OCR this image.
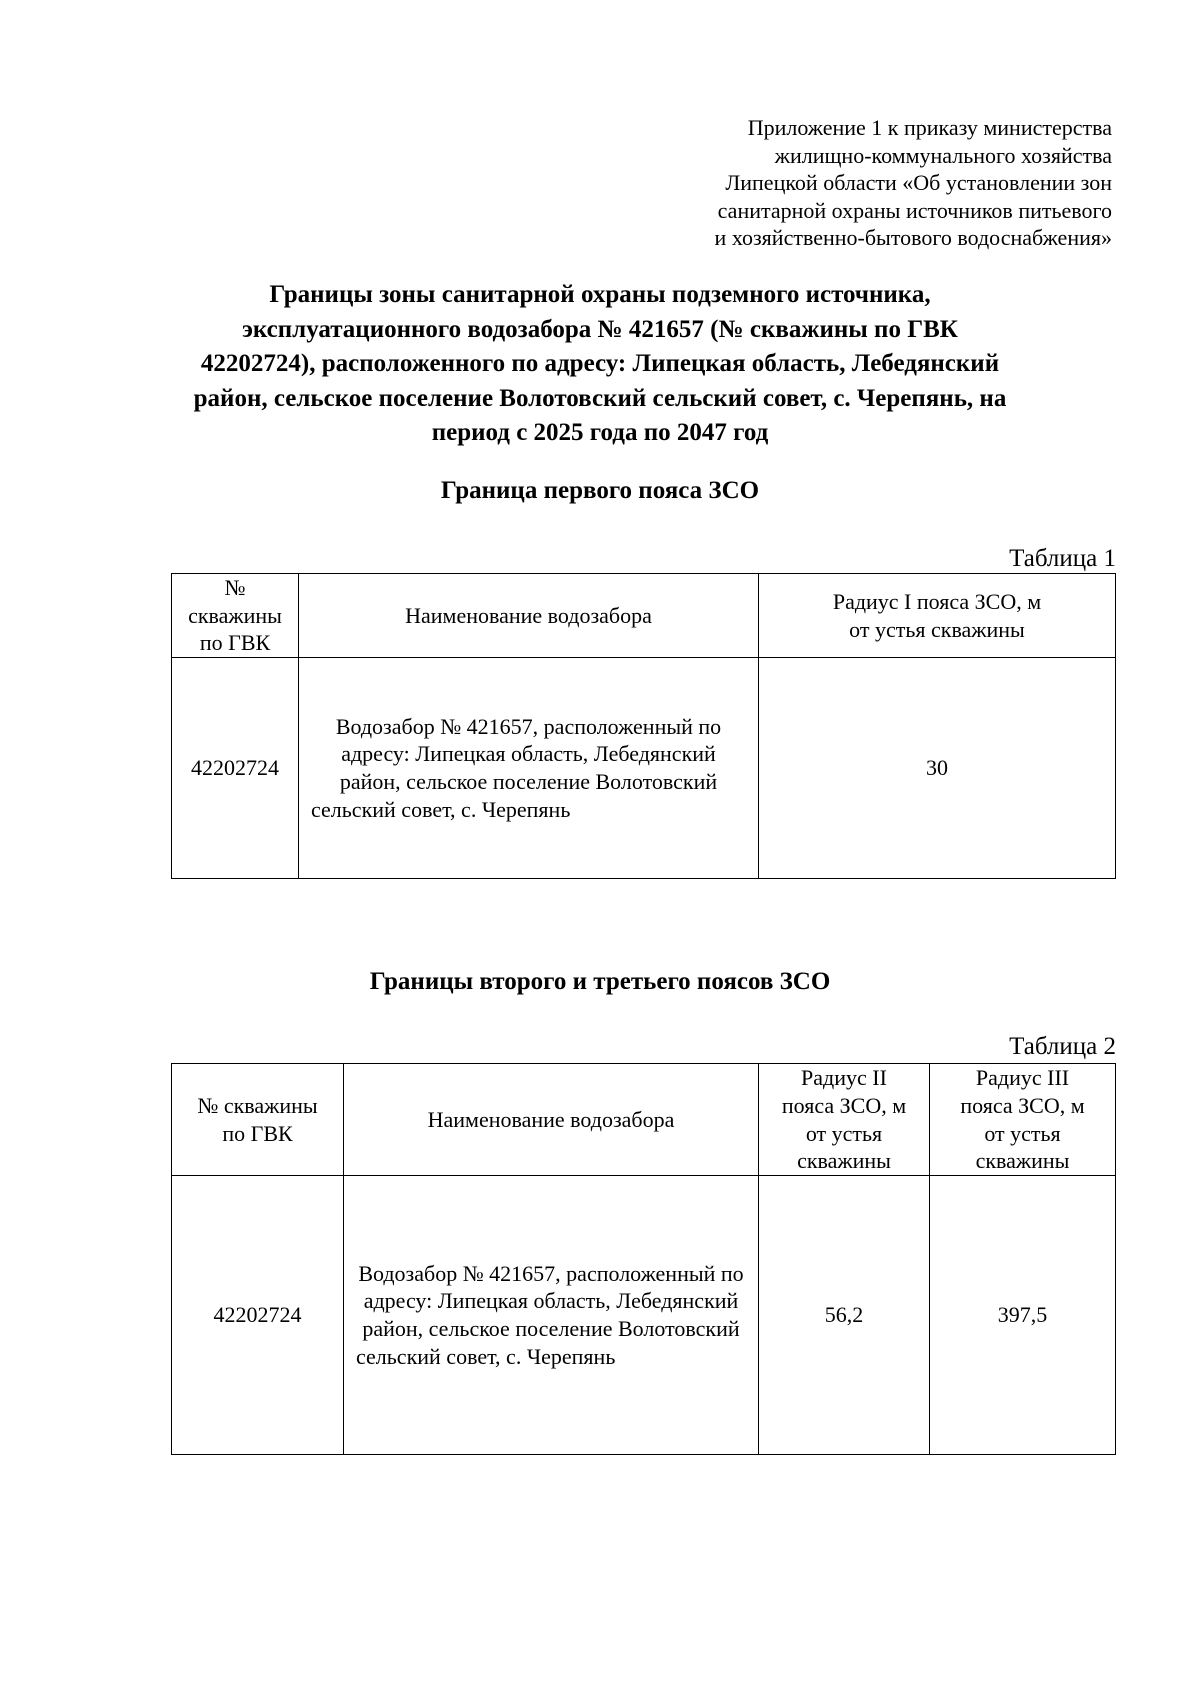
Приложение 1 к приказу министерства
жилищно-коммунального хозяйства
Липецкой области «Об установлении зон
санитарной охраны источников питьевого
и хозяйственно-бытового водоснабжения»
Границы зоны санитарной охраны подземного источника,
эксплуатационного водозабора № 421657 (№ скважины по ГВК
42202724), расположенного по адресу: Липецкая область, Лебедянский
район, сельское поселение Волотовский сельский совет, с. Черепянь, на
период с 2025 года по 2047 год
Граница первого пояса ЗСО
Таблица 1
№
скважины
по ГВК	Наименование водозабора	Радиус I пояса ЗСО, м
от устья скважины

42202724	Водозабор № 421657, расположенный по адресу: Липецкая область, Лебедянский район, сельское поселение Волотовский сельский совет, с. Черепянь	30
Границы второго и третьего поясов ЗСО
Таблица 2
№ скважины
по ГВК	Наименование водозабора	Радиус II
пояса ЗСО, м
от устья
скважины	Радиус III
пояса ЗСО, м
от устья
скважины

42202724	Водозабор № 421657, расположенный по адресу: Липецкая область, Лебедянский район, сельское поселение Волотовский сельский совет, с. Черепянь	56,2	397,5
